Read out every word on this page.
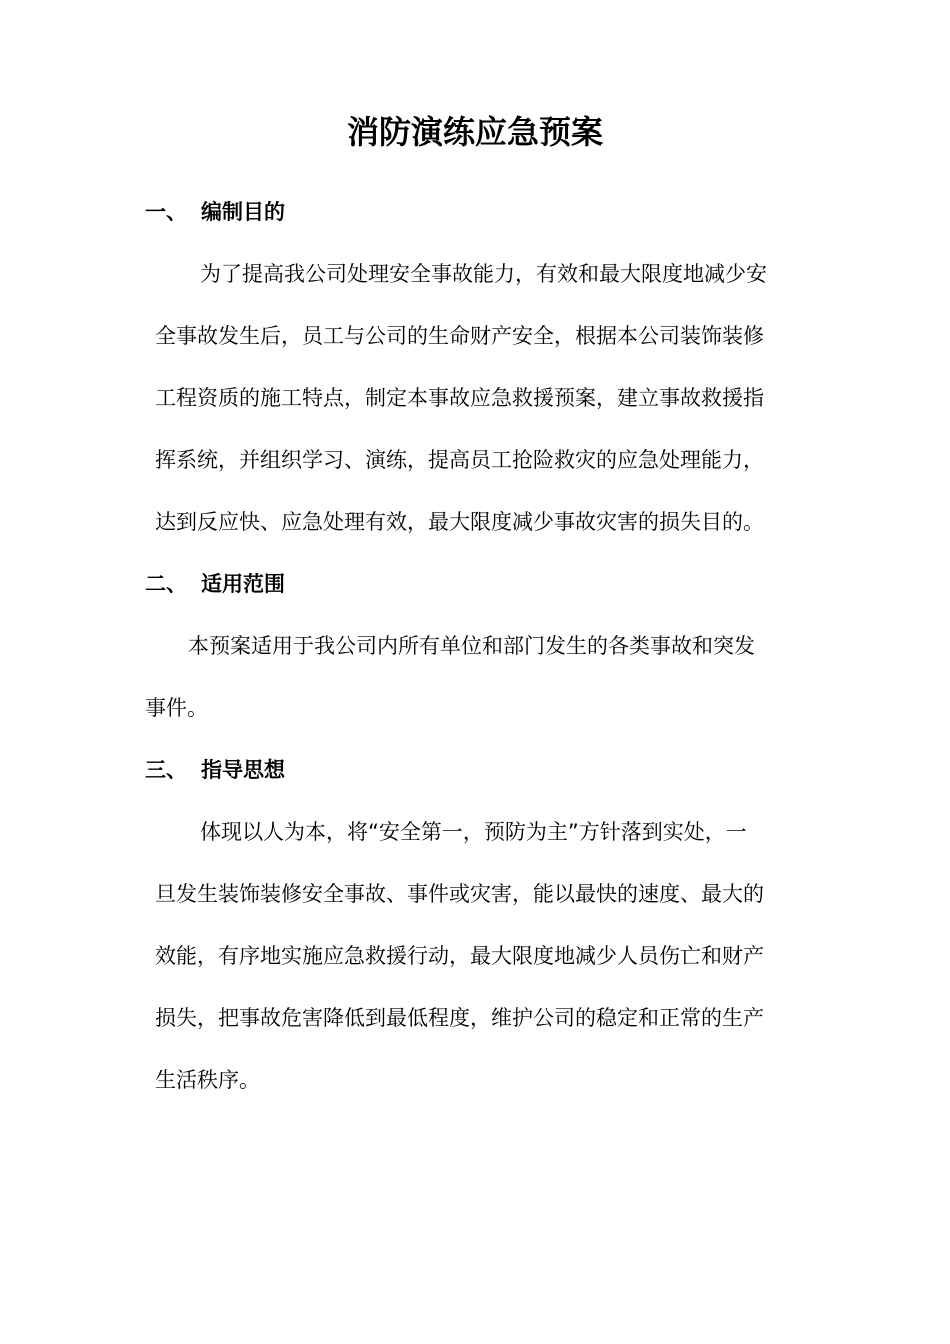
消防演练应急预案
一、 编制目的

为了提高我公司处理安全事故能力，有效和最大限度地减少安

全事故发生后，员工与公司的生命财产安全，根据本公司装饰装修

工程资质的施工特点，制定本事故应急救援预案，建立事故救援指

挥系统，并组织学习、演练，提高员工抢险救灾的应急处理能力，

达到反应快、应急处理有效，最大限度减少事故灾害的损失目的。

二、 适用范围

本预案适用于我公司内所有单位和部门发生的各类事故和突发

事件。

三、 指导思想

体现以人为本，将“安全第一，预防为主”方针落到实处，一

旦发生装饰装修安全事故、事件或灾害，能以最快的速度、最大的

效能，有序地实施应急救援行动，最大限度地减少人员伤亡和财产

损失，把事故危害降低到最低程度，维护公司的稳定和正常的生产

生活秩序。
